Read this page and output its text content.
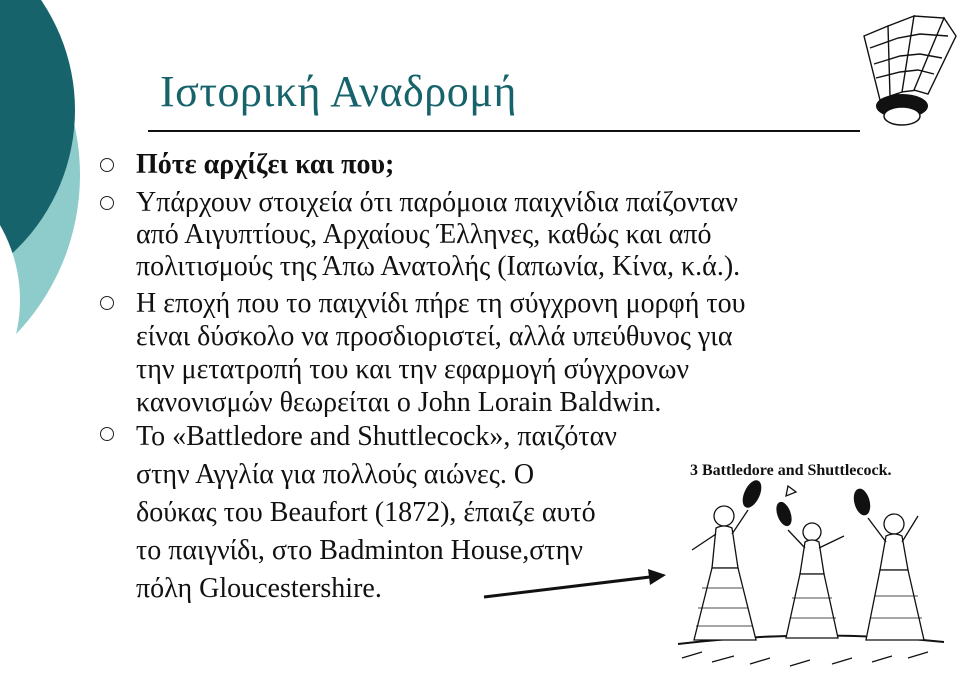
Ιστορική Αναδρομή
Πότε αρχίζει και που;
Υπάρχουν στοιχεία ότι παρόμοια παιχνίδια παίζονταν
από Αιγυπτίους, Αρχαίους Έλληνες, καθώς και από
πολιτισμούς της Άπω Ανατολής (Ιαπωνία, Κίνα, κ.ά.).
Η εποχή που το παιχνίδι πήρε τη σύγχρονη μορφή του
είναι δύσκολο να προσδιοριστεί, αλλά υπεύθυνος για
την μετατροπή του και την εφαρμογή σύγχρονων
κανονισμών θεωρείται ο John Lorain Baldwin.
Το «Battledore and Shuttlecock», παιζόταν
στην Αγγλία για πολλούς αιώνες. Ο
δούκας του Beaufort (1872), έπαιζε αυτό
το παιγνίδι, στο Badminton House,στην
πόλη Gloucestershire.
3 Battledore and Shuttlecock.
